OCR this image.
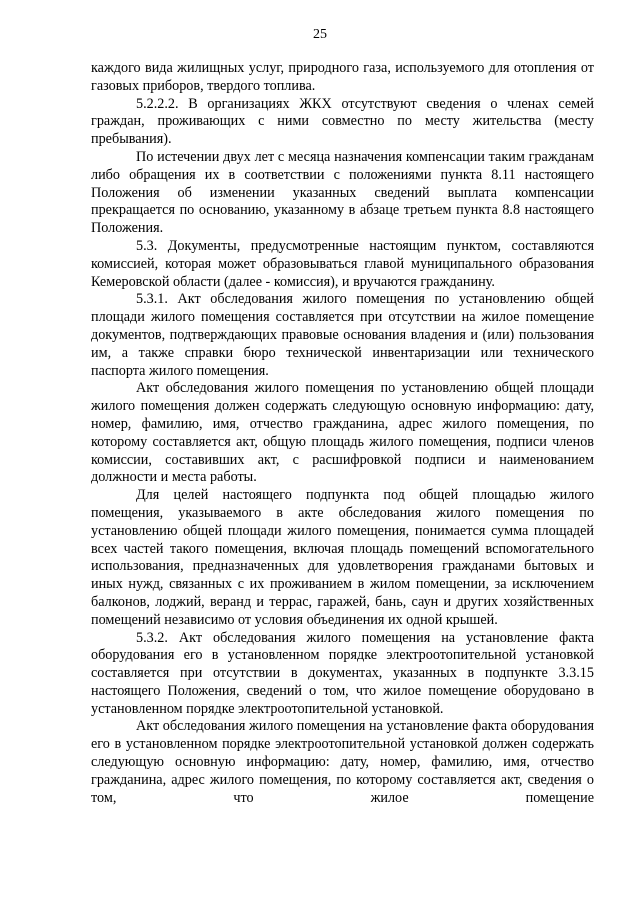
25

каждого вида жилищных услуг, природного газа, используемого для отопления от газовых приборов, твердого топлива.

5.2.2.2. В организациях ЖКХ отсутствуют сведения о членах семей граждан, проживающих с ними совместно по месту жительства (месту пребывания).

По истечении двух лет с месяца назначения компенсации таким гражданам либо обращения их в соответствии с положениями пункта 8.11 настоящего Положения об изменении указанных сведений выплата компенсации прекращается по основанию, указанному в абзаце третьем пункта 8.8 настоящего Положения.

5.3. Документы, предусмотренные настоящим пунктом, составляются комиссией, которая может образовываться главой муниципального образования Кемеровской области (далее - комиссия), и вручаются гражданину.

5.3.1. Акт обследования жилого помещения по установлению общей площади жилого помещения составляется при отсутствии на жилое помещение документов, подтверждающих правовые основания владения и (или) пользования им, а также справки бюро технической инвентаризации или технического паспорта жилого помещения.

Акт обследования жилого помещения по установлению общей площади жилого помещения должен содержать следующую основную информацию: дату, номер, фамилию, имя, отчество гражданина, адрес жилого помещения, по которому составляется акт, общую площадь жилого помещения, подписи членов комиссии, составивших акт, с расшифровкой подписи и наименованием должности и места работы.

Для целей настоящего подпункта под общей площадью жилого помещения, указываемого в акте обследования жилого помещения по установлению общей площади жилого помещения, понимается сумма площадей всех частей такого помещения, включая площадь помещений вспомогательного использования, предназначенных для удовлетворения гражданами бытовых и иных нужд, связанных с их проживанием в жилом помещении, за исключением балконов, лоджий, веранд и террас, гаражей, бань, саун и других хозяйственных помещений независимо от условия объединения их одной крышей.

5.3.2. Акт обследования жилого помещения на установление факта оборудования его в установленном порядке электроотопительной установкой составляется при отсутствии в документах, указанных в подпункте 3.3.15 настоящего Положения, сведений о том, что жилое помещение оборудовано в установленном порядке электроотопительной установкой.

Акт обследования жилого помещения на установление факта оборудования его в установленном порядке электроотопительной установкой должен содержать следующую основную информацию: дату, номер, фамилию, имя, отчество гражданина, адрес жилого помещения, по которому составляется акт, сведения о том, что жилое помещение
